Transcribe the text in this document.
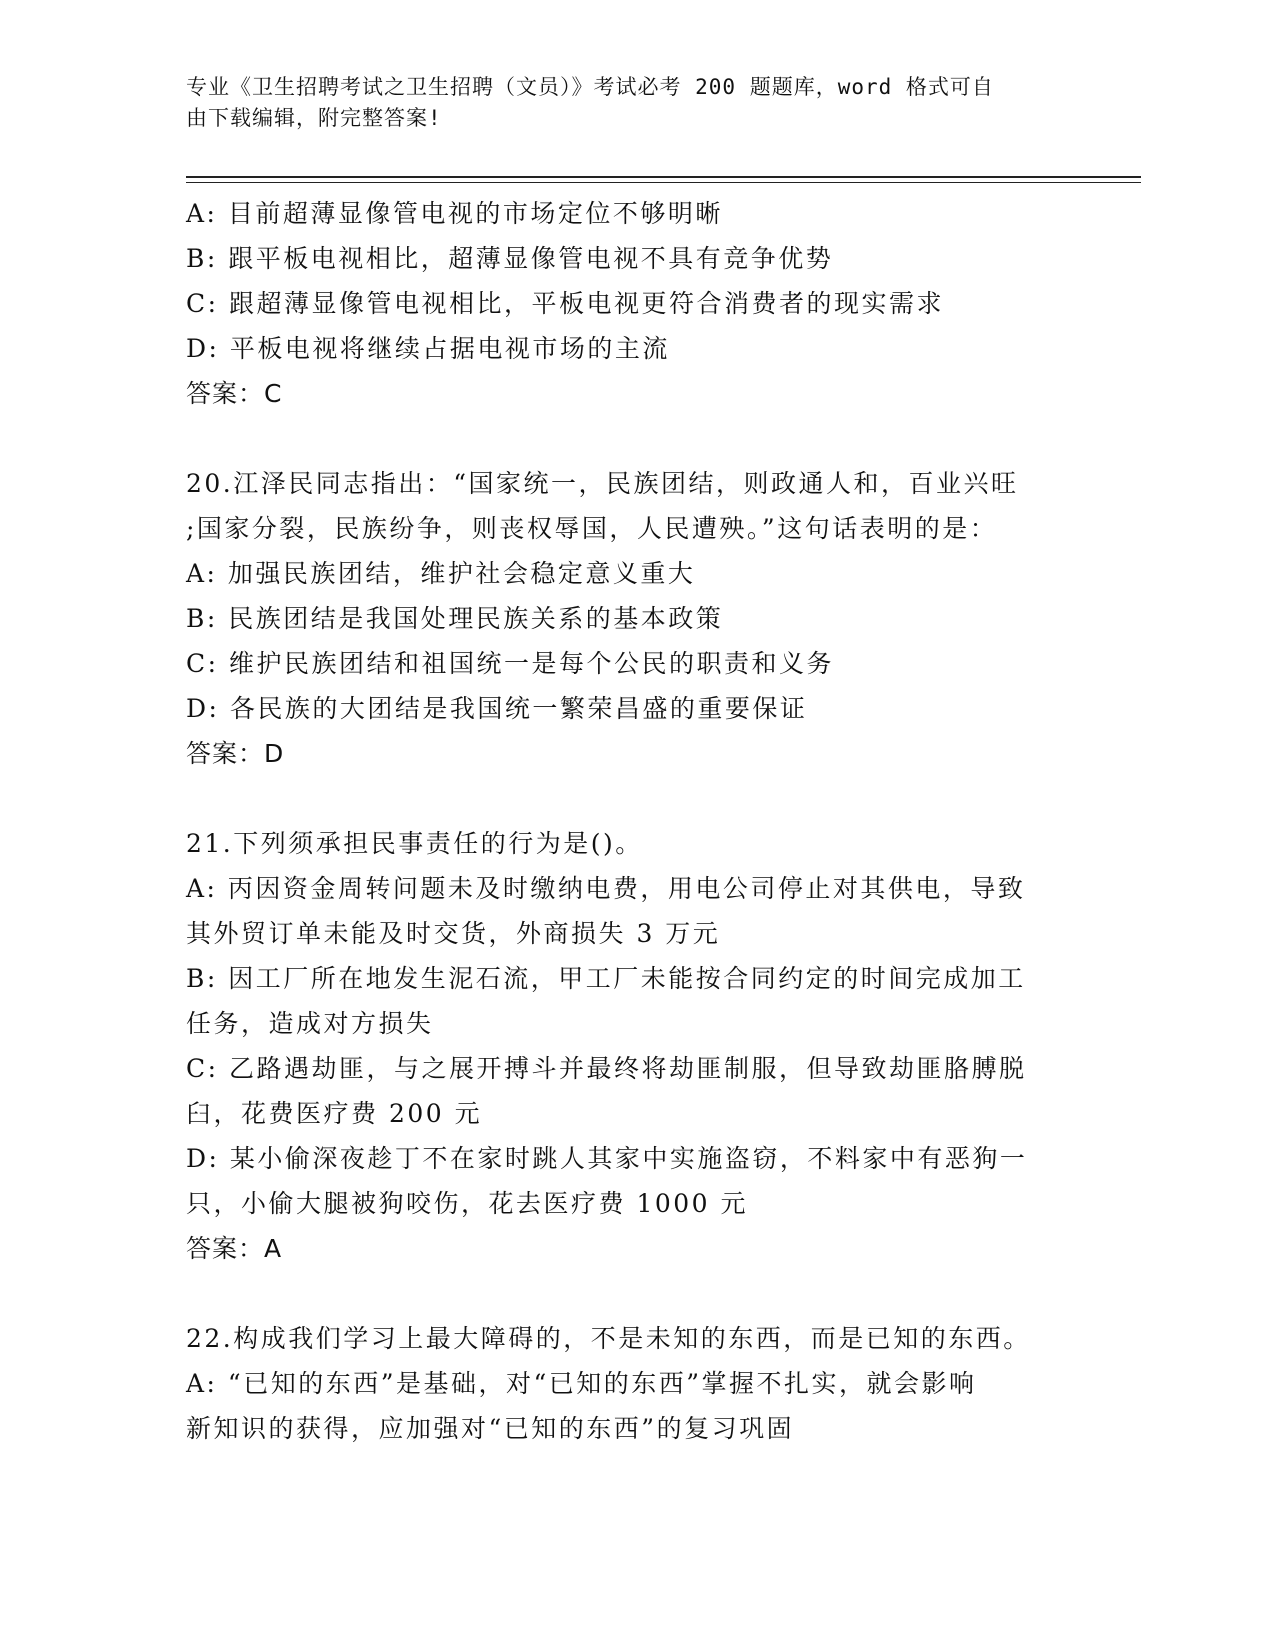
专业《卫生招聘考试之卫生招聘（文员）》考试必考 200 题题库，word 格式可自
由下载编辑，附完整答案!
A: 目前超薄显像管电视的市场定位不够明晰
B: 跟平板电视相比，超薄显像管电视不具有竞争优势
C: 跟超薄显像管电视相比，平板电视更符合消费者的现实需求
D: 平板电视将继续占据电视市场的主流
答案：C
20.江泽民同志指出：“国家统一，民族团结，则政通人和，百业兴旺
;国家分裂，民族纷争，则丧权辱国，人民遭殃。”这句话表明的是：
A: 加强民族团结，维护社会稳定意义重大
B: 民族团结是我国处理民族关系的基本政策
C: 维护民族团结和祖国统一是每个公民的职责和义务
D: 各民族的大团结是我国统一繁荣昌盛的重要保证
答案：D
21.下列须承担民事责任的行为是()。
A: 丙因资金周转问题未及时缴纳电费，用电公司停止对其供电，导致
其外贸订单未能及时交货，外商损失 3 万元
B: 因工厂所在地发生泥石流，甲工厂未能按合同约定的时间完成加工
任务，造成对方损失
C: 乙路遇劫匪，与之展开搏斗并最终将劫匪制服，但导致劫匪胳膊脱
臼，花费医疗费 200 元
D: 某小偷深夜趁丁不在家时跳人其家中实施盗窃，不料家中有恶狗一
只，小偷大腿被狗咬伤，花去医疗费 1000 元
答案：A
22.构成我们学习上最大障碍的，不是未知的东西，而是已知的东西。
A: “已知的东西”是基础，对“已知的东西”掌握不扎实，就会影响
新知识的获得，应加强对“已知的东西”的复习巩固
